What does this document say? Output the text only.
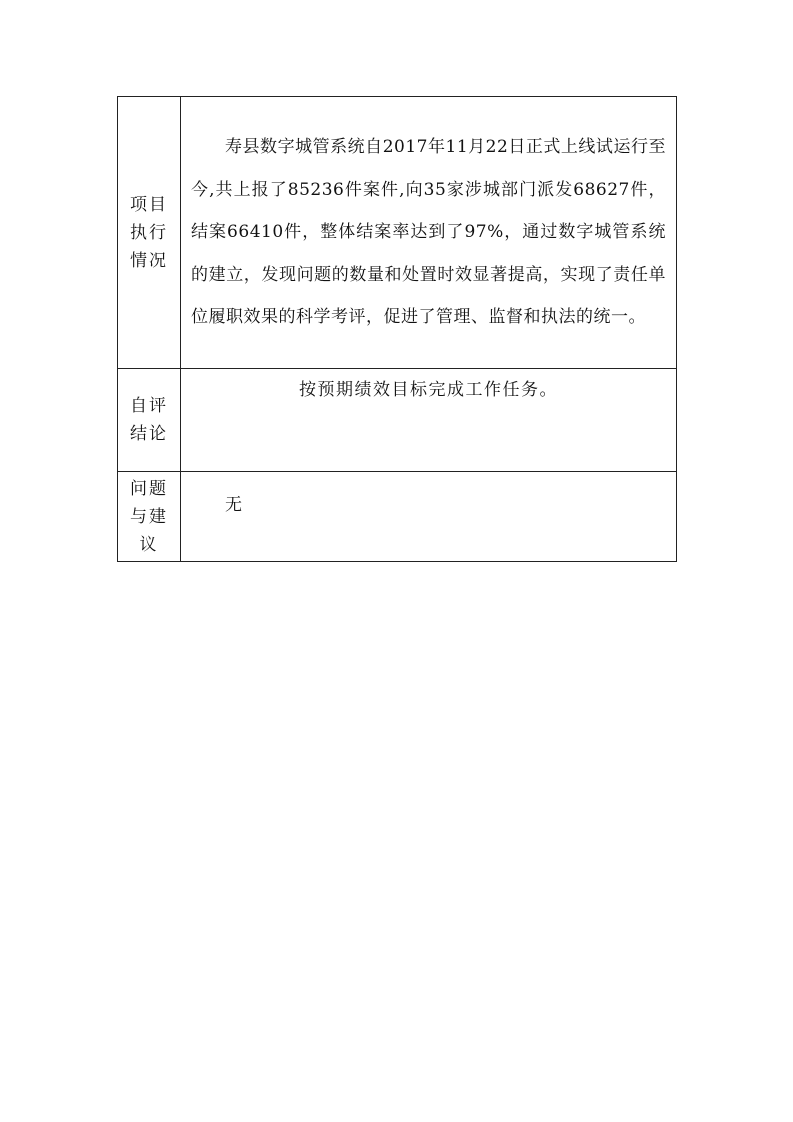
项目执行情况	寿县数字城管系统自2017年11月22日正式上线试运行至今,共上报了85236件案件,向35家涉城部门派发68627件，结案66410件，整体结案率达到了97%，通过数字城管系统的建立，发现问题的数量和处置时效显著提高，实现了责任单位履职效果的科学考评，促进了管理、监督和执法的统一。

自评结论	按预期绩效目标完成工作任务。

问题与建议	无
